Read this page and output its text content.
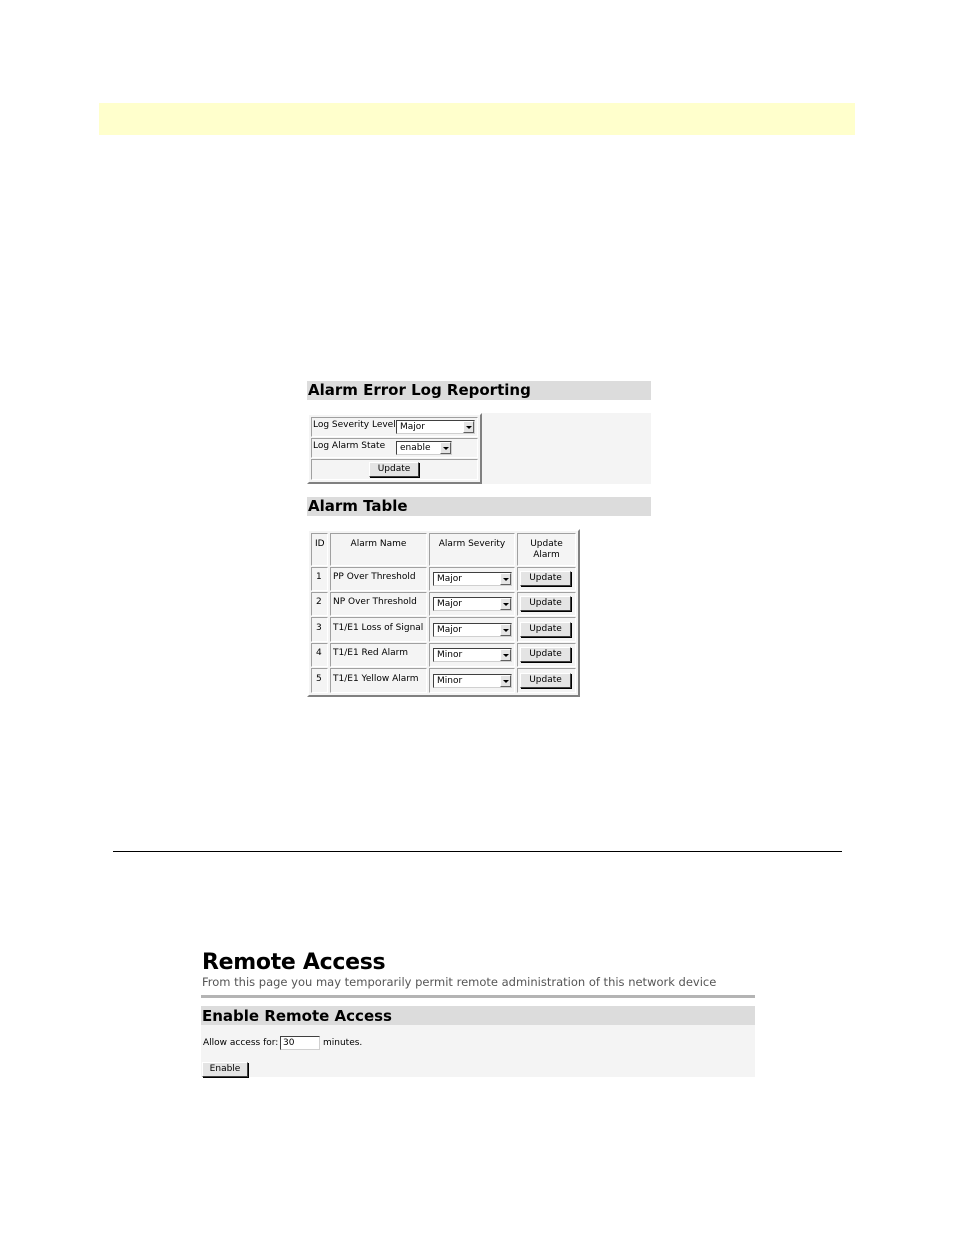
Alarm Error Log Reporting
Log Severity Level Major
Log Alarm State	enable
Update
Alarm Table
ID	Alarm Name	Alarm Severity	Update
Alarm
1 PP Over Threshold	Major	Update
2 NP Over Threshold	Major	Update
3 T1/E1 Loss of Signal	Major	Update
4 T1/E1 Red Alarm	Minor	Update
5 T1/E1 Yellow Alarm	Minor	Update
Remote Access
From this page you may temporarily permit remote administration of this network device
Enable Remote Access
Allow access for: 30	minutes.
Enable
